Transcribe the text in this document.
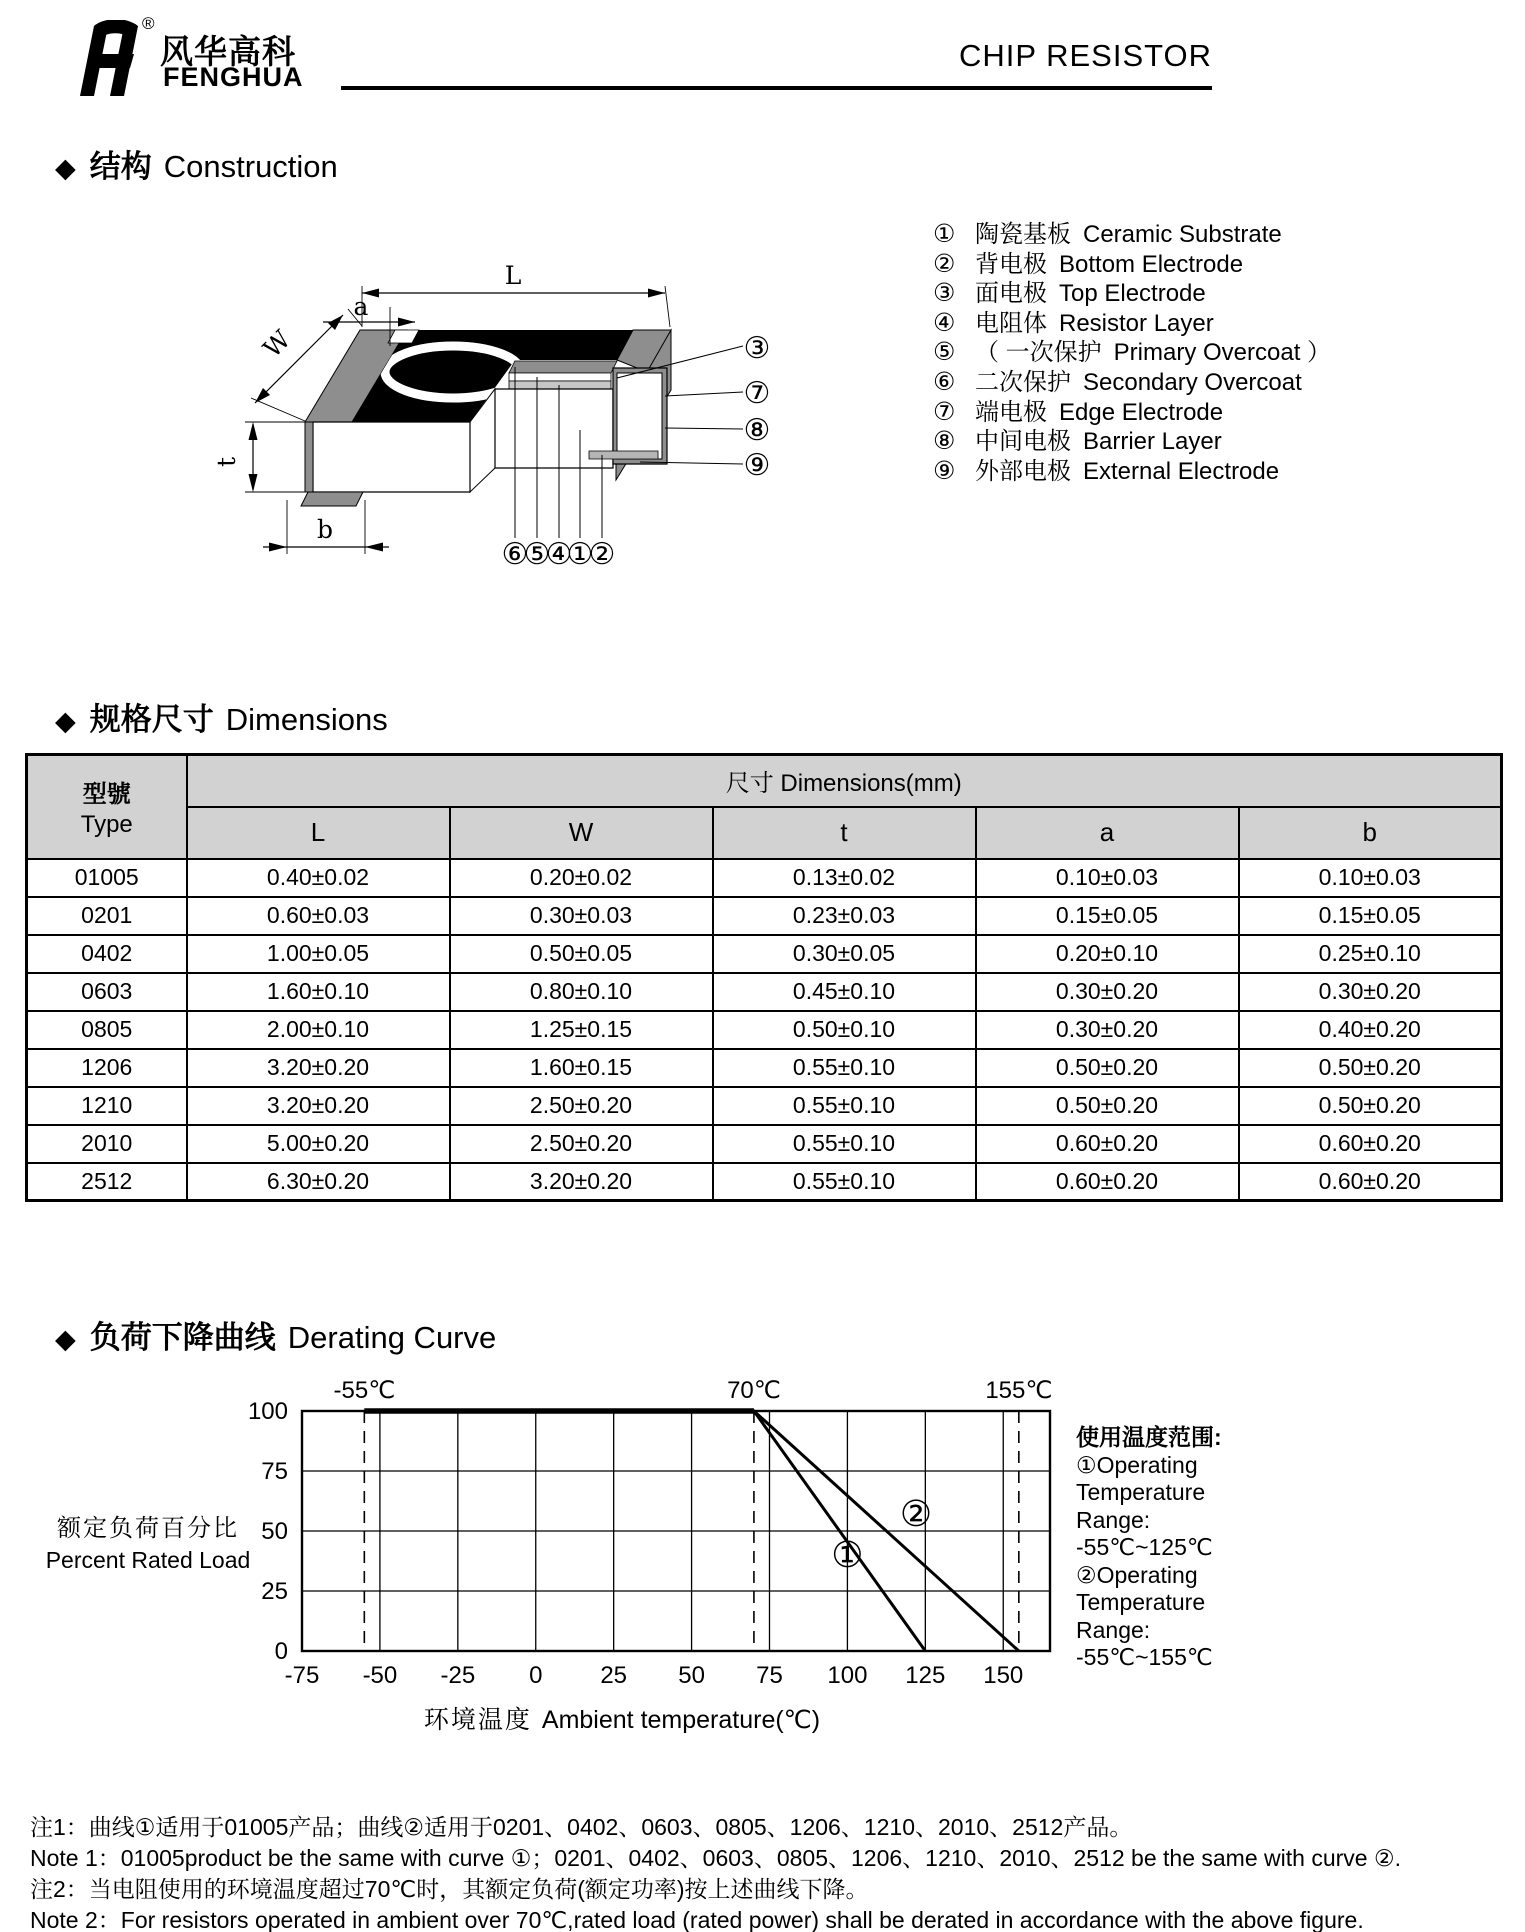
®
风华高科
FENGHUA
CHIP RESISTOR
◆ 结构 Construction
L
a
W
t
b
③
⑦
⑧
⑨
⑥
⑤
④
①
②
① 陶瓷基板 Ceramic Substrate
② 背电极 Bottom Electrode
③ 面电极 Top Electrode
④ 电阻体 Resistor Layer
⑤ （ 一次保护 Primary Overcoat ）
⑥ 二次保护 Secondary Overcoat
⑦ 端电极 Edge Electrode
⑧ 中间电极 Barrier Layer
⑨ 外部电极 External Electrode
◆ 规格尺寸 Dimensions
型號
Type	尺寸 Dimensions(mm)				
	L	W	t	a	b
01005	0.40±0.02	0.20±0.02	0.13±0.02	0.10±0.03	0.10±0.03
0201	0.60±0.03	0.30±0.03	0.23±0.03	0.15±0.05	0.15±0.05
0402	1.00±0.05	0.50±0.05	0.30±0.05	0.20±0.10	0.25±0.10
0603	1.60±0.10	0.80±0.10	0.45±0.10	0.30±0.20	0.30±0.20
0805	2.00±0.10	1.25±0.15	0.50±0.10	0.30±0.20	0.40±0.20
1206	3.20±0.20	1.60±0.15	0.55±0.10	0.50±0.20	0.50±0.20
1210	3.20±0.20	2.50±0.20	0.55±0.10	0.50±0.20	0.50±0.20
2010	5.00±0.20	2.50±0.20	0.55±0.10	0.60±0.20	0.60±0.20
2512	6.30±0.20	3.20±0.20	0.55±0.10	0.60±0.20	0.60±0.20
◆ 负荷下降曲线 Derating Curve
额定负荷百分比
Percent Rated Load
-75 -50 -25 0 25 50 75 100 125 150
0
25
50
75
100
-55℃	70℃	155℃
①
②
环境温度 Ambient temperature(℃)
使用温度范围:
①Operating
Temperature
Range:
-55℃~125℃
②Operating
Temperature
Range:
-55℃~155℃
注1：曲线①适用于01005产品；曲线②适用于0201、0402、0603、0805、1206、1210、2010、2512产品。
Note 1：01005product be the same with curve ①；0201、0402、0603、0805、1206、1210、2010、2512 be the same with curve ②.
注2：当电阻使用的环境温度超过70℃时，其额定负荷(额定功率)按上述曲线下降。
Note 2：For resistors operated in ambient over 70℃,rated load (rated power) shall be derated in accordance with the above figure.
